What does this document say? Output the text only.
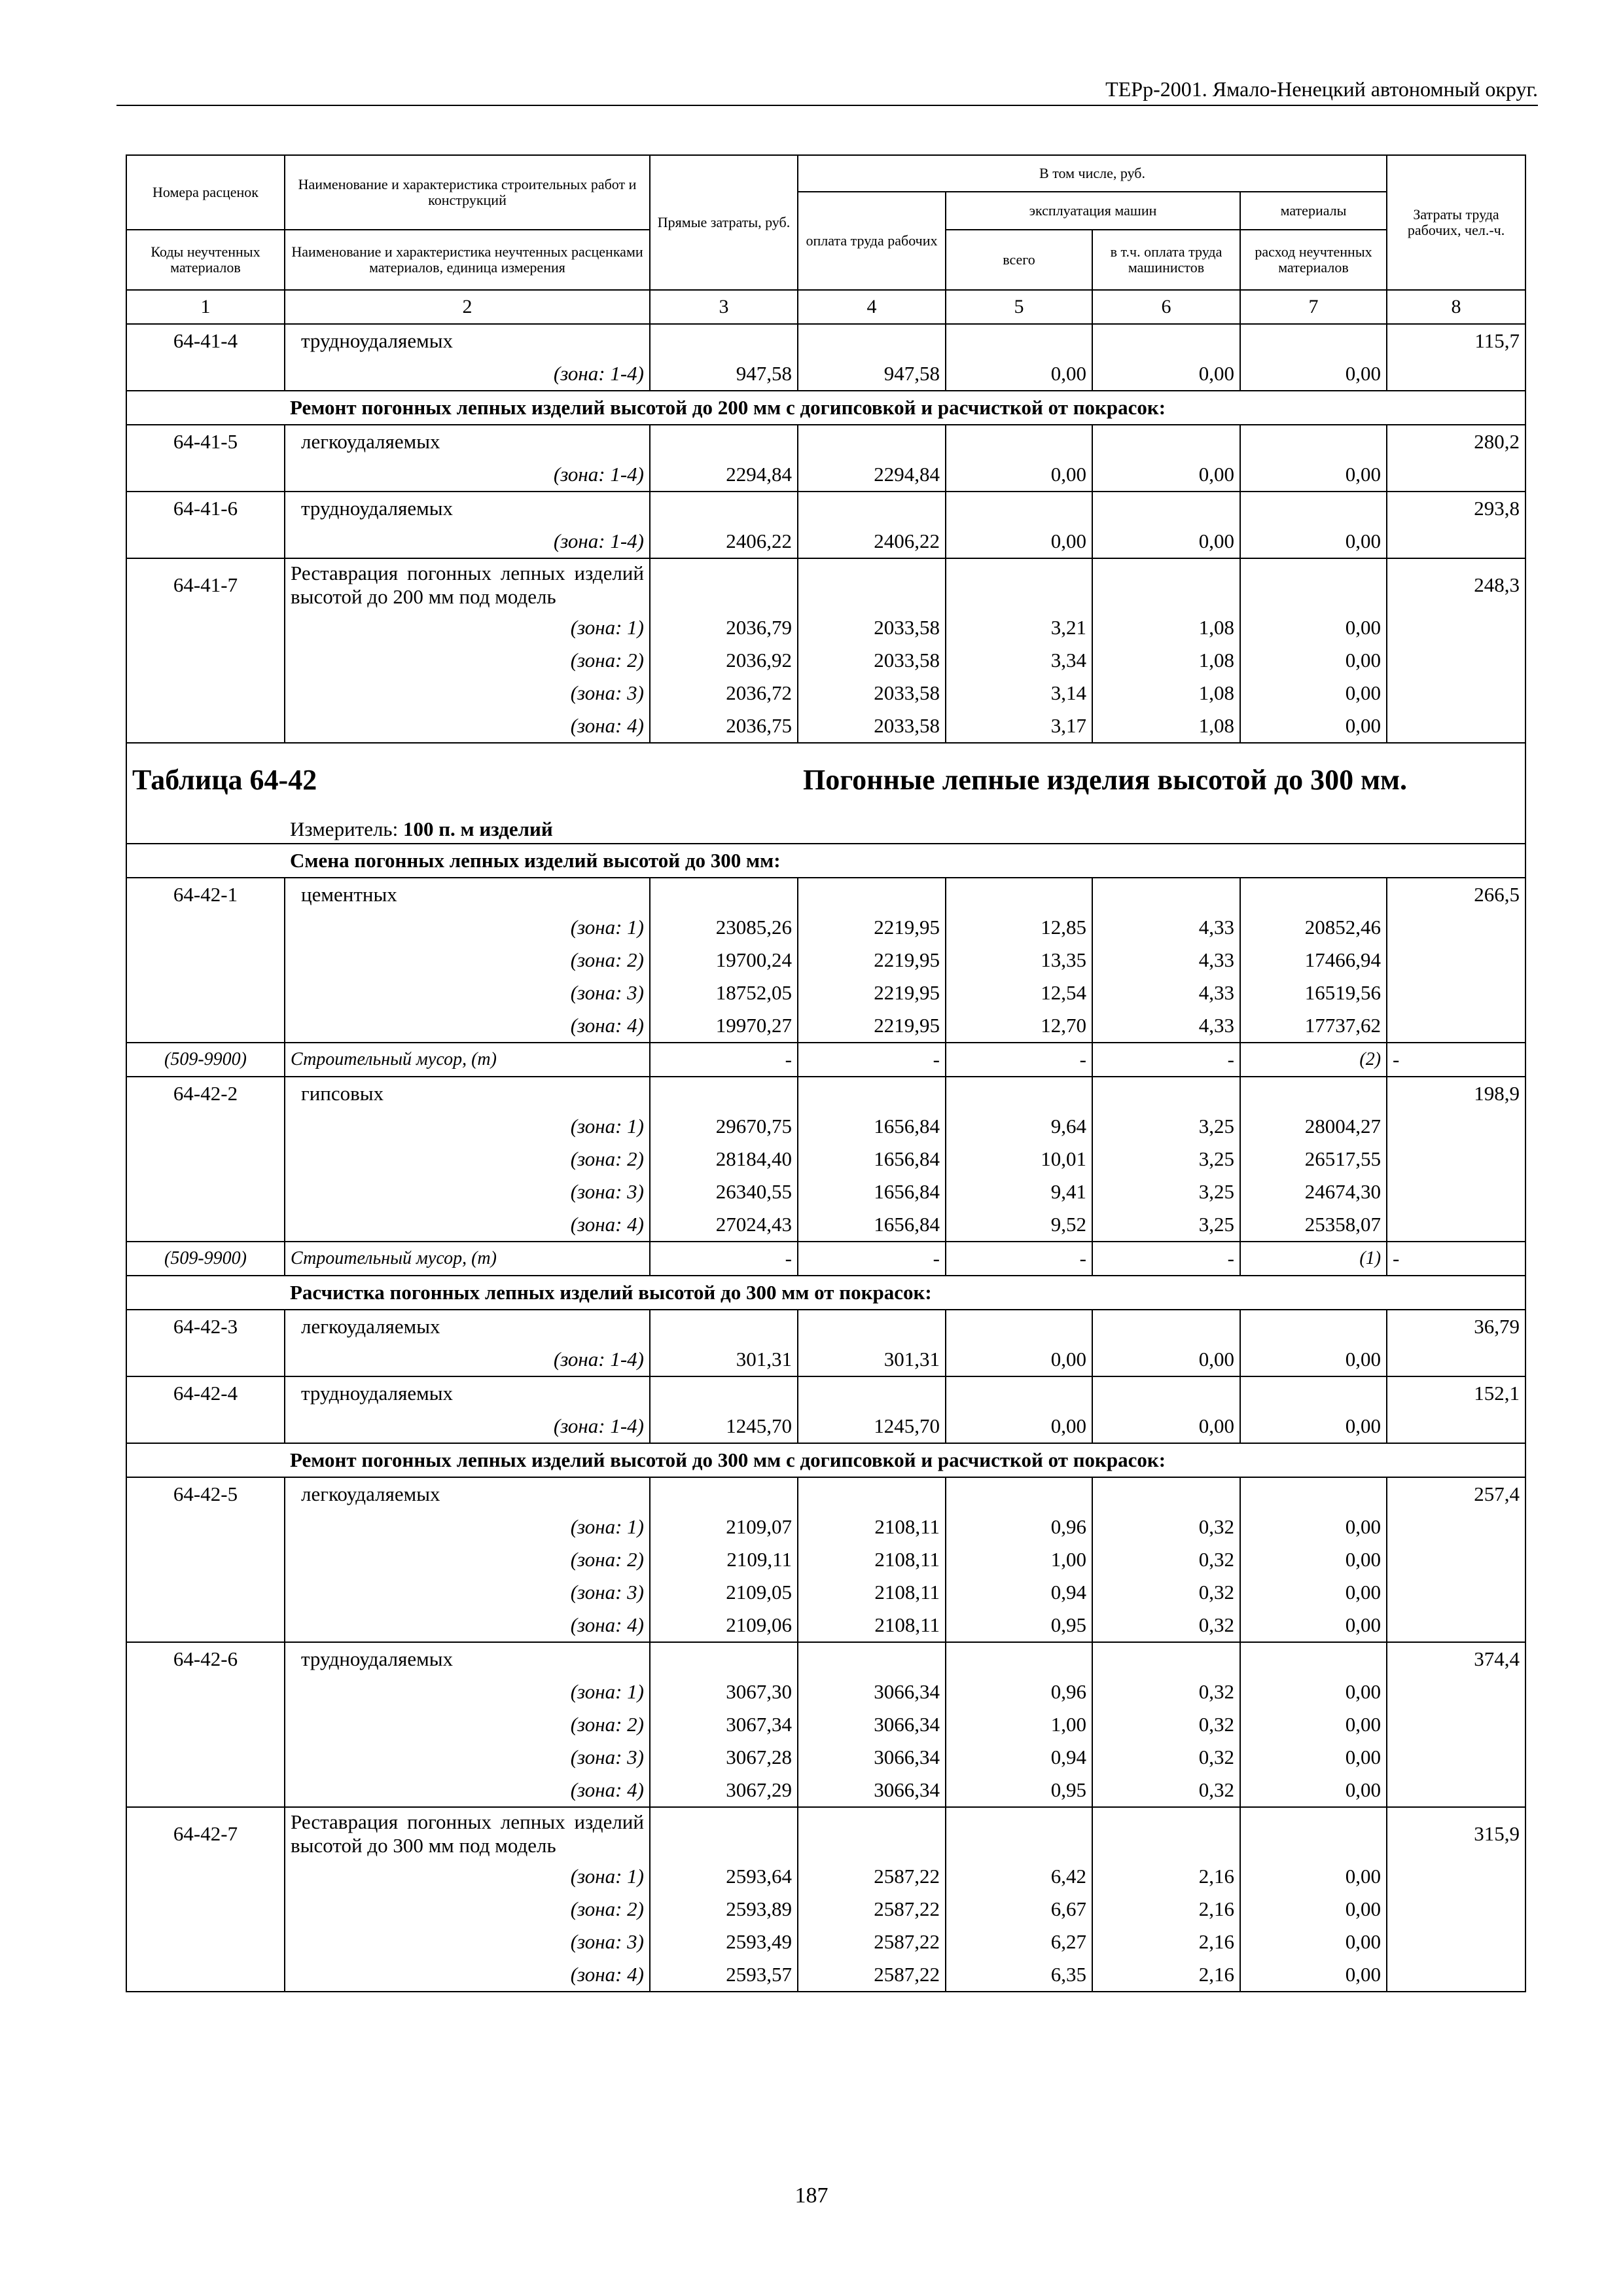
ТЕРр-2001. Ямало-Ненецкий автономный округ.
Номера расценок	Наименование и характеристика строительных работ и конструкций	Прямые затраты, руб.	В том числе, руб.				Затраты труда рабочих, чел.-ч.
			оплата труда рабочих	эксплуатация машин		материалы	
Коды неучтенных материалов	Наименование и характеристика неучтенных расценками материалов, единица измерения			всего	в т.ч. оплата труда машинистов	расход неучтенных материалов	
1	2	3	4	5	6	7	8
64-41-4	трудноудаляемых						115,7
	(зона: 1-4)	947,58	947,58	0,00	0,00	0,00	
	Ремонт погонных лепных изделий высотой до 200 мм с догипсовкой и расчисткой от покрасок:						
64-41-5	легкоудаляемых						280,2
	(зона: 1-4)	2294,84	2294,84	0,00	0,00	0,00	
64-41-6	трудноудаляемых						293,8
	(зона: 1-4)	2406,22	2406,22	0,00	0,00	0,00	
64-41-7	Реставрация погонных лепных изделий высотой до 200 мм под модель						248,3
	(зона: 1)	2036,79	2033,58	3,21	1,08	0,00	
	(зона: 2)	2036,92	2033,58	3,34	1,08	0,00	
	(зона: 3)	2036,72	2033,58	3,14	1,08	0,00	
	(зона: 4)	2036,75	2033,58	3,17	1,08	0,00	
Таблица 64-42			Погонные лепные изделия высотой до 300 мм.				
	Измеритель: 100 п. м изделий						
	Смена погонных лепных изделий высотой до 300 мм:						
64-42-1	цементных						266,5
	(зона: 1)	23085,26	2219,95	12,85	4,33	20852,46	
	(зона: 2)	19700,24	2219,95	13,35	4,33	17466,94	
	(зона: 3)	18752,05	2219,95	12,54	4,33	16519,56	
	(зона: 4)	19970,27	2219,95	12,70	4,33	17737,62	
(509-9900)	Строительный мусор, (т)	-	-	-	-	(2)	-
64-42-2	гипсовых						198,9
	(зона: 1)	29670,75	1656,84	9,64	3,25	28004,27	
	(зона: 2)	28184,40	1656,84	10,01	3,25	26517,55	
	(зона: 3)	26340,55	1656,84	9,41	3,25	24674,30	
	(зона: 4)	27024,43	1656,84	9,52	3,25	25358,07	
(509-9900)	Строительный мусор, (т)	-	-	-	-	(1)	-
	Расчистка погонных лепных изделий высотой до 300 мм от покрасок:						
64-42-3	легкоудаляемых						36,79
	(зона: 1-4)	301,31	301,31	0,00	0,00	0,00	
64-42-4	трудноудаляемых						152,1
	(зона: 1-4)	1245,70	1245,70	0,00	0,00	0,00	
	Ремонт погонных лепных изделий высотой до 300 мм с догипсовкой и расчисткой от покрасок:						
64-42-5	легкоудаляемых						257,4
	(зона: 1)	2109,07	2108,11	0,96	0,32	0,00	
	(зона: 2)	2109,11	2108,11	1,00	0,32	0,00	
	(зона: 3)	2109,05	2108,11	0,94	0,32	0,00	
	(зона: 4)	2109,06	2108,11	0,95	0,32	0,00	
64-42-6	трудноудаляемых						374,4
	(зона: 1)	3067,30	3066,34	0,96	0,32	0,00	
	(зона: 2)	3067,34	3066,34	1,00	0,32	0,00	
	(зона: 3)	3067,28	3066,34	0,94	0,32	0,00	
	(зона: 4)	3067,29	3066,34	0,95	0,32	0,00	
64-42-7	Реставрация погонных лепных изделий высотой до 300 мм под модель						315,9
	(зона: 1)	2593,64	2587,22	6,42	2,16	0,00	
	(зона: 2)	2593,89	2587,22	6,67	2,16	0,00	
	(зона: 3)	2593,49	2587,22	6,27	2,16	0,00	
	(зона: 4)	2593,57	2587,22	6,35	2,16	0,00	
187
